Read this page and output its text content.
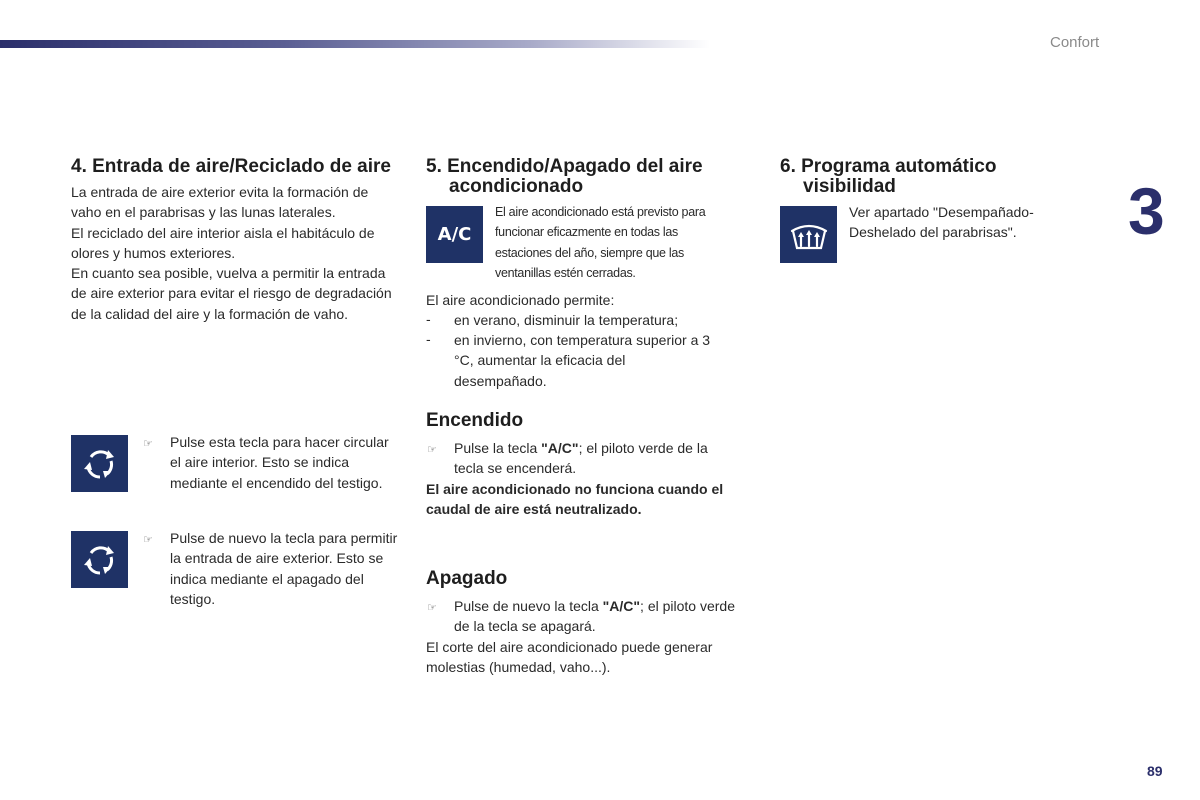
Confort
3
89
4. Entrada de aire/Reciclado de aire

La entrada de aire exterior evita la formación de vaho en el parabrisas y las lunas laterales.

El reciclado del aire interior aisla el habitáculo de olores y humos exteriores.

En cuanto sea posible, vuelva a permitir la entrada de aire exterior para evitar el riesgo de degradación de la calidad del aire y la formación de vaho.

☞ Pulse esta tecla para hacer circular el aire interior. Esto se indica mediante el encendido del testigo.

☞ Pulse de nuevo la tecla para permitir la entrada de aire exterior. Esto se indica mediante el apagado del testigo.

5. Encendido/Apagado del aire acondicionado
A/C

El aire acondicionado está previsto para funcionar eficazmente en todas las estaciones del año, siempre que las ventanillas estén cerradas.

El aire acondicionado permite:

- en verano, disminuir la temperatura;

- en invierno, con temperatura superior a 3 °C, aumentar la eficacia del desempañado.

Encendido
☞ Pulse la tecla "A/C"; el piloto verde de la tecla se encenderá.

El aire acondicionado no funciona cuando el caudal de aire está neutralizado.

Apagado
☞ Pulse de nuevo la tecla "A/C"; el piloto verde de la tecla se apagará.

El corte del aire acondicionado puede generar molestias (humedad, vaho...).

6. Programa automático visibilidad

Ver apartado "Desempañado-Deshelado del parabrisas".
